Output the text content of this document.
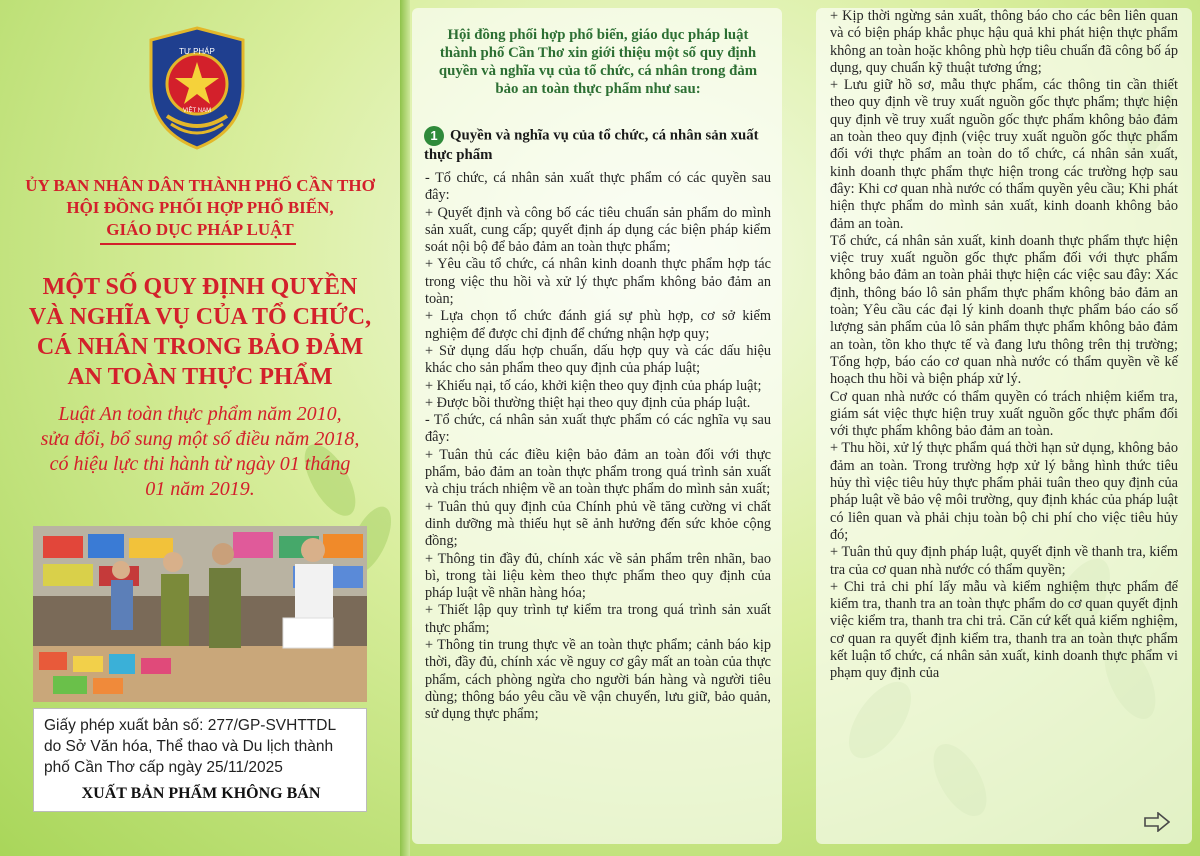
TƯ PHÁP
VIỆT NAM
ỦY BAN NHÂN DÂN THÀNH PHỐ CẦN THƠ
HỘI ĐỒNG PHỐI HỢP PHỔ BIẾN,
GIÁO DỤC PHÁP LUẬT
MỘT SỐ QUY ĐỊNH QUYỀN
VÀ NGHĨA VỤ CỦA TỔ CHỨC,
CÁ NHÂN TRONG BẢO ĐẢM
AN TOÀN THỰC PHẨM
Luật An toàn thực phẩm năm 2010,
sửa đổi, bổ sung một số điều năm 2018,
có hiệu lực thi hành từ ngày 01 tháng
01 năm 2019.
Giấy phép xuất bản số: 277/GP-SVHTTDL
do Sở Văn hóa, Thể thao và Du lịch thành
phố Cần Thơ cấp ngày 25/11/2025
XUẤT BẢN PHẨM KHÔNG BÁN
Hội đồng phối hợp phổ biến, giáo dục pháp luật thành phố Cần Thơ xin giới thiệu một số quy định quyền và nghĩa vụ của tổ chức, cá nhân trong đảm bảo an toàn thực phẩm như sau:
1 Quyền và nghĩa vụ của tổ chức, cá nhân sản xuất thực phẩm
- Tổ chức, cá nhân sản xuất thực phẩm có các quyền sau đây:
+ Quyết định và công bố các tiêu chuẩn sản phẩm do mình sản xuất, cung cấp; quyết định áp dụng các biện pháp kiểm soát nội bộ để bảo đảm an toàn thực phẩm;
+ Yêu cầu tổ chức, cá nhân kinh doanh thực phẩm hợp tác trong việc thu hồi và xử lý thực phẩm không bảo đảm an toàn;
+ Lựa chọn tổ chức đánh giá sự phù hợp, cơ sở kiểm nghiệm để được chỉ định để chứng nhận hợp quy;
+ Sử dụng dấu hợp chuẩn, dấu hợp quy và các dấu hiệu khác cho sản phẩm theo quy định của pháp luật;
+ Khiếu nại, tố cáo, khởi kiện theo quy định của pháp luật;
+ Được bồi thường thiệt hại theo quy định của pháp luật.
- Tổ chức, cá nhân sản xuất thực phẩm có các nghĩa vụ sau đây:
+ Tuân thủ các điều kiện bảo đảm an toàn đối với thực phẩm, bảo đảm an toàn thực phẩm trong quá trình sản xuất và chịu trách nhiệm về an toàn thực phẩm do mình sản xuất;
+ Tuân thủ quy định của Chính phủ về tăng cường vi chất dinh dưỡng mà thiếu hụt sẽ ảnh hưởng đến sức khỏe cộng đồng;
+ Thông tin đầy đủ, chính xác về sản phẩm trên nhãn, bao bì, trong tài liệu kèm theo thực phẩm theo quy định của pháp luật về nhãn hàng hóa;
+ Thiết lập quy trình tự kiểm tra trong quá trình sản xuất thực phẩm;
+ Thông tin trung thực về an toàn thực phẩm; cảnh báo kịp thời, đầy đủ, chính xác về nguy cơ gây mất an toàn của thực phẩm, cách phòng ngừa cho người bán hàng và người tiêu dùng; thông báo yêu cầu về vận chuyển, lưu giữ, bảo quản, sử dụng thực phẩm;
+ Kịp thời ngừng sản xuất, thông báo cho các bên liên quan và có biện pháp khắc phục hậu quả khi phát hiện thực phẩm không an toàn hoặc không phù hợp tiêu chuẩn đã công bố áp dụng, quy chuẩn kỹ thuật tương ứng;
+ Lưu giữ hồ sơ, mẫu thực phẩm, các thông tin cần thiết theo quy định về truy xuất nguồn gốc thực phẩm; thực hiện quy định về truy xuất nguồn gốc thực phẩm không bảo đảm an toàn theo quy định (việc truy xuất nguồn gốc thực phẩm đối với thực phẩm an toàn do tổ chức, cá nhân sản xuất, kinh doanh thực phẩm thực hiện trong các trường hợp sau đây: Khi cơ quan nhà nước có thẩm quyền yêu cầu; Khi phát hiện thực phẩm do mình sản xuất, kinh doanh không bảo đảm an toàn.
Tổ chức, cá nhân sản xuất, kinh doanh thực phẩm thực hiện việc truy xuất nguồn gốc thực phẩm đối với thực phẩm không bảo đảm an toàn phải thực hiện các việc sau đây: Xác định, thông báo lô sản phẩm thực phẩm không bảo đảm an toàn; Yêu cầu các đại lý kinh doanh thực phẩm báo cáo số lượng sản phẩm của lô sản phẩm thực phẩm không bảo đảm an toàn, tồn kho thực tế và đang lưu thông trên thị trường; Tổng hợp, báo cáo cơ quan nhà nước có thẩm quyền về kế hoạch thu hồi và biện pháp xử lý.
Cơ quan nhà nước có thẩm quyền có trách nhiệm kiểm tra, giám sát việc thực hiện truy xuất nguồn gốc thực phẩm đối với thực phẩm không bảo đảm an toàn.
+ Thu hồi, xử lý thực phẩm quá thời hạn sử dụng, không bảo đảm an toàn. Trong trường hợp xử lý bằng hình thức tiêu hủy thì việc tiêu hủy thực phẩm phải tuân theo quy định của pháp luật về bảo vệ môi trường, quy định khác của pháp luật có liên quan và phải chịu toàn bộ chi phí cho việc tiêu hủy đó;
+ Tuân thủ quy định pháp luật, quyết định về thanh tra, kiểm tra của cơ quan nhà nước có thẩm quyền;
+ Chi trả chi phí lấy mẫu và kiểm nghiệm thực phẩm để kiểm tra, thanh tra an toàn thực phẩm do cơ quan quyết định việc kiểm tra, thanh tra chi trả. Căn cứ kết quả kiểm nghiệm, cơ quan ra quyết định kiểm tra, thanh tra an toàn thực phẩm kết luận tổ chức, cá nhân sản xuất, kinh doanh thực phẩm vi phạm quy định của
